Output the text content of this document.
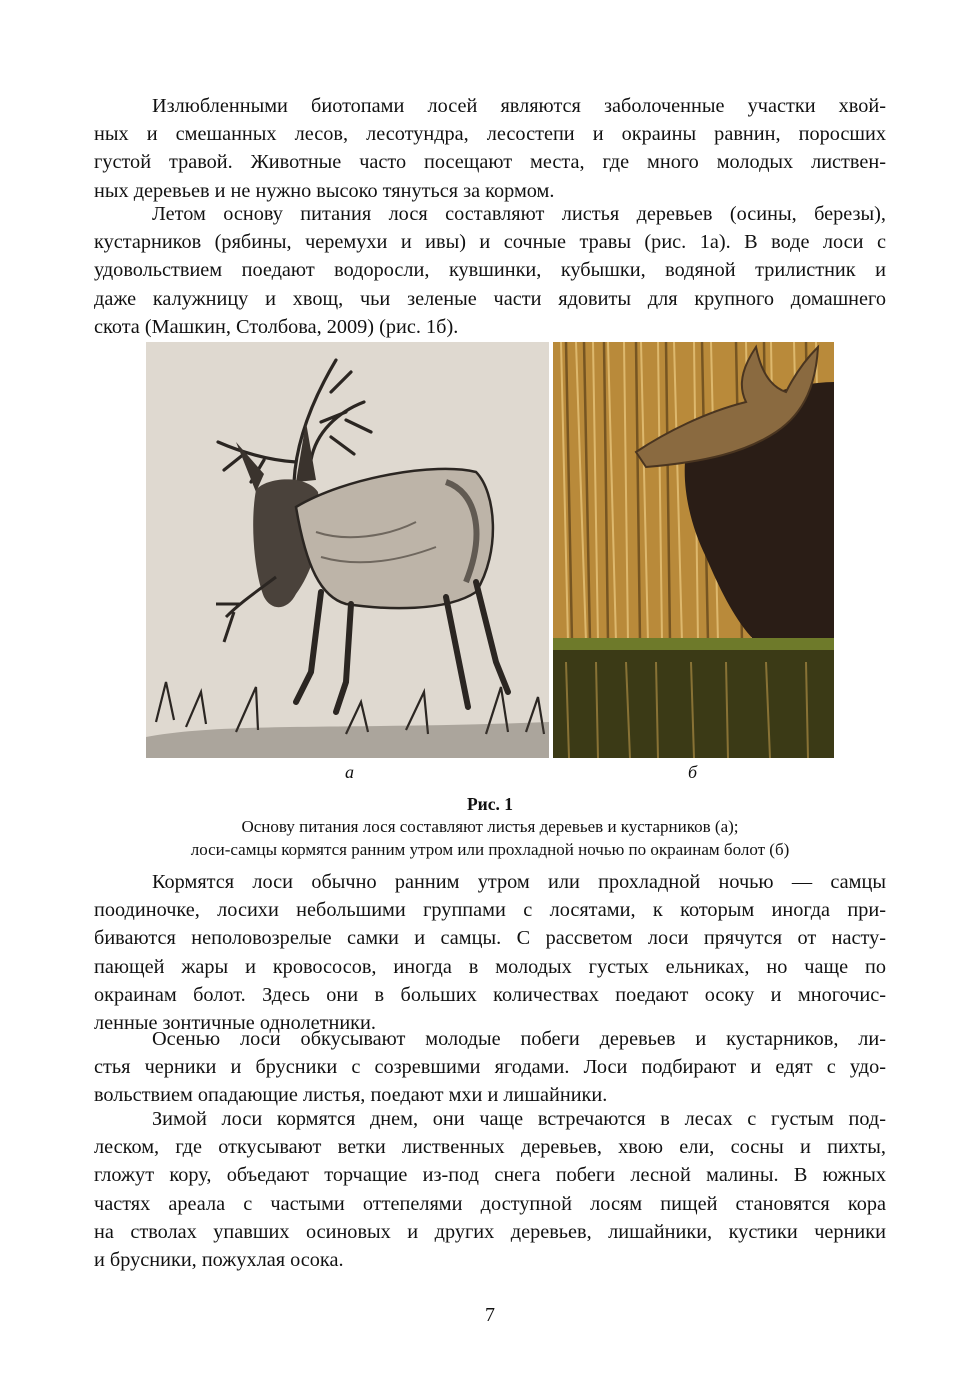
Излюбленными биотопами лосей являются заболоченные участки хвой-
ных и смешанных лесов, лесотундра, лесостепи и окраины равнин, поросших
густой травой. Животные часто посещают места, где много молодых листвен-
ных деревьев и не нужно высоко тянуться за кормом.
Летом основу питания лося составляют листья деревьев (осины, березы),
кустарников (рябины, черемухи и ивы) и сочные травы (рис. 1а). В воде лоси с
удовольствием поедают водоросли, кувшинки, кубышки, водяной трилистник и
даже калужницу и хвощ, чьи зеленые части ядовиты для крупного домашнего
скота (Машкин, Столбова, 2009) (рис. 1б).
а	б
Рис. 1
Основу питания лося составляют листья деревьев и кустарников (а);
лоси-самцы кормятся ранним утром или прохладной ночью по окраинам болот (б)
Кормятся лоси обычно ранним утром или прохладной ночью — самцы
поодиночке, лосихи небольшими группами с лосятами, к которым иногда при-
биваются неполовозрелые самки и самцы. С рассветом лоси прячутся от насту-
пающей жары и кровососов, иногда в молодых густых ельниках, но чаще по
окраинам болот. Здесь они в больших количествах поедают осоку и многочис-
ленные зонтичные однолетники.
Осенью лоси обкусывают молодые побеги деревьев и кустарников, ли-
стья черники и брусники с созревшими ягодами. Лоси подбирают и едят с удо-
вольствием опадающие листья, поедают мхи и лишайники.
Зимой лоси кормятся днем, они чаще встречаются в лесах с густым под-
леском, где откусывают ветки лиственных деревьев, хвою ели, сосны и пихты,
гложут кору, объедают торчащие из-под снега побеги лесной малины. В южных
частях ареала с частыми оттепелями доступной лосям пищей становятся кора
на стволах упавших осиновых и других деревьев, лишайники, кустики черники
и брусники, пожухлая осока.
7
